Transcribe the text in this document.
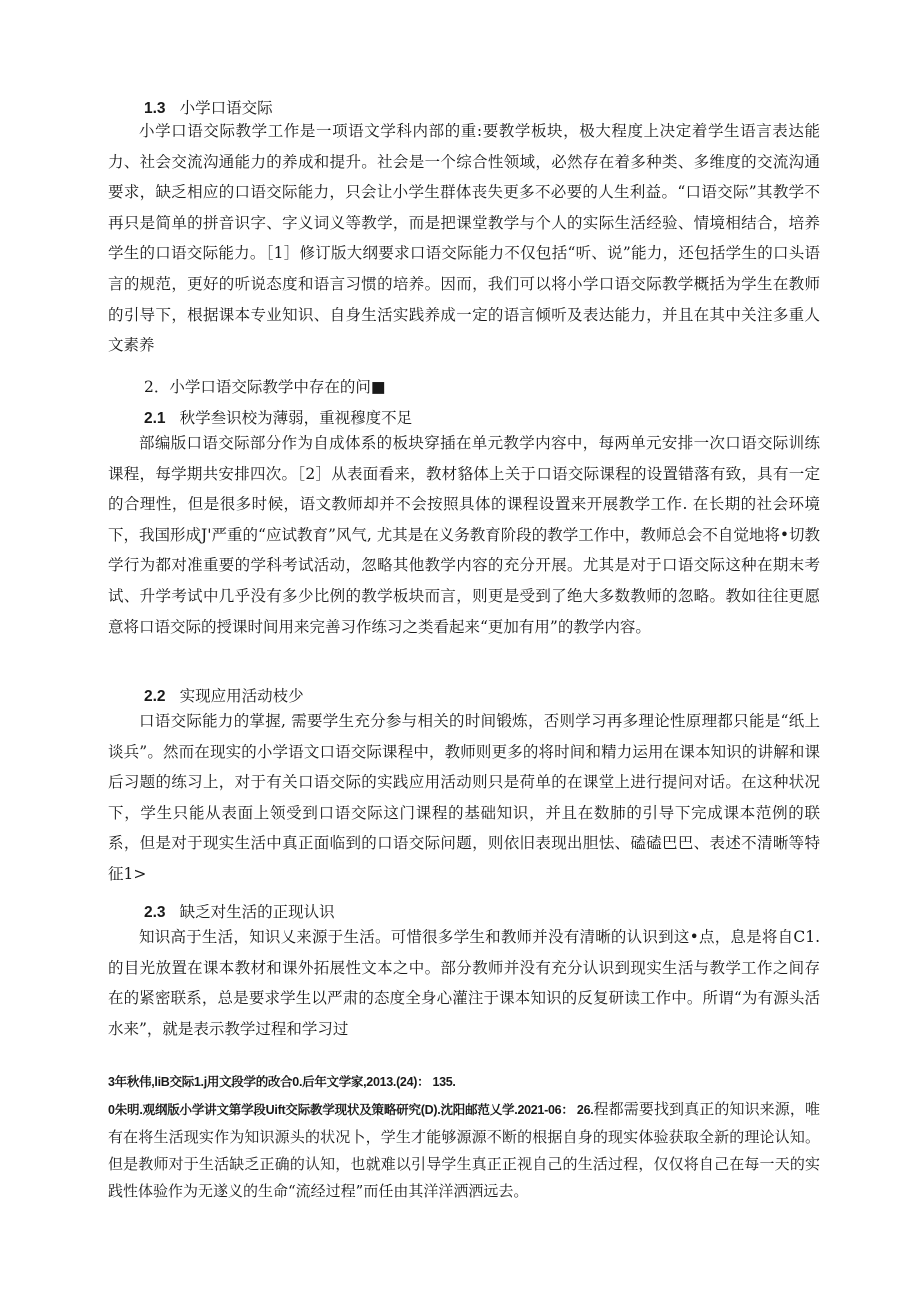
1.3 小学口语交际

小学口语交际教学工作是一项语文学科内部的重:要教学板块，极大程度上决定着学生语言表达能力、社会交流沟通能力的养成和提升。社会是一个综合性领域，必然存在着多种类、多维度的交流沟通要求，缺乏相应的口语交际能力，只会让小学生群体丧失更多不必要的人生利益。“口语交际”其教学不再只是简单的拼音识字、字义词义等教学，而是把课堂教学与个人的实际生活经验、情境相结合，培养学生的口语交际能力。［1］修订版大纲要求口语交际能力不仅包括“听、说”能力，还包括学生的口头语言的规范，更好的听说态度和语言习惯的培养。因而，我们可以将小学口语交际教学概括为学生在教师的引导下，根据课本专业知识、自身生活实践养成一定的语言倾听及表达能力，并且在其中关注多重人文素养

2．小学口语交际教学中存在的问■
2.1 秋学叁识校为薄弱，重视穆度不足

部编版口语交际部分作为自成体系的板块穿插在单元教学内容中，每两单元安排一次口语交际训练课程，每学期共安排四次。［2］从表面看来，教材貉体上关于口语交际课程的设置错落有致，具有一定的合理性，但是很多时候，语文教师却并不会按照具体的课程设置来开展教学工作. 在长期的社会环境下，我国形成J'严重的“应试教育”风气, 尤其是在义务教育阶段的教学工作中，教师总会不自觉地将•切教学行为都对准重要的学科考试活动，忽略其他教学内容的充分开展。尤其是对于口语交际这种在期末考试、升学考试中几乎没有多少比例的教学板块而言，则更是受到了绝大多数教师的忽略。教如往往更愿意将口语交际的授课时间用来完善习作练习之类看起来“更加有用”的教学内容。

2.2 实现应用活动枝少

口语交际能力的掌握, 需要学生充分参与相关的时间锻炼，否则学习再多理论性原理都只能是“纸上谈兵”。然而在现实的小学语文口语交际课程中，教师则更多的将时间和精力运用在课本知识的讲解和课后习题的练习上，对于有关口语交际的实践应用活动则只是荷单的在课堂上进行提问对话。在这种状况下，学生只能从表面上领受到口语交际这门课程的基础知识，并且在数肺的引导下完成课本范例的联系，但是对于现实生活中真正面临到的口语交际问题，则依旧表现出胆怯、磕磕巴巴、表述不清晰等特征1>

2.3 缺乏对生活的正现认识

知识高于生活，知识乂来源于生活。可惜很多学生和教师并没有清晰的认识到这•点，息是将自C1.的目光放置在课本教材和课外拓展性文本之中。部分教师并没有充分认识到现实生活与教学工作之间存在的紧密联系，总是要求学生以严肃的态度全身心灌注于课本知识的反复研读工作中。所谓“为有源头活水来”，就是表示教学过程和学习过

3年秋伟,liB交际1.j用文段学的改合0.后年文学家,2013.(24)： 135.

0朱明.观纲版小学讲文第学段Uift交际教学现状及策略研究(D).沈阳邮范乂学.2021-06： 26.程都需要找到真正的知识来源，唯有在将生活现实作为知识源头的状况卜，学生才能够源源不断的根据自身的现实体验获取全新的理论认知。但是教师对于生活缺乏正确的认知，也就难以引导学生真正正视自己的生活过程，仅仅将自己在每一天的实践性体验作为无遂义的生命“流经过程”而任由其洋洋洒洒远去。
